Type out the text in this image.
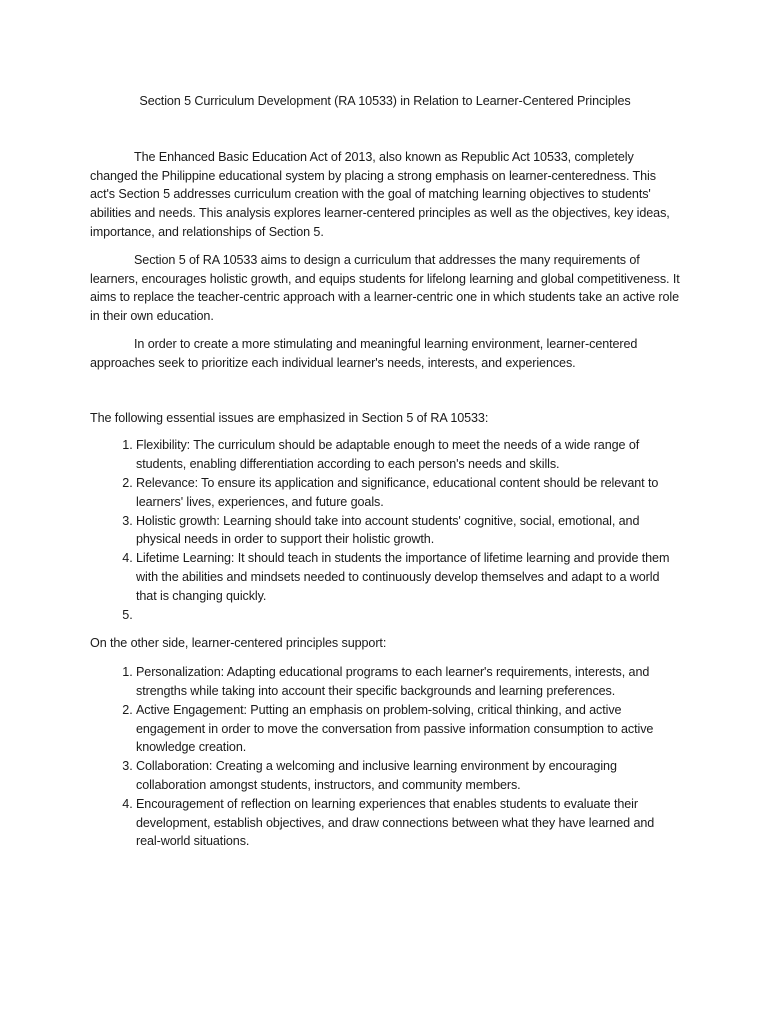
Section 5 Curriculum Development (RA 10533) in Relation to Learner-Centered Principles

The Enhanced Basic Education Act of 2013, also known as Republic Act 10533, completely changed the Philippine educational system by placing a strong emphasis on learner-centeredness. This act's Section 5 addresses curriculum creation with the goal of matching learning objectives to students' abilities and needs. This analysis explores learner-centered principles as well as the objectives, key ideas, importance, and relationships of Section 5.

Section 5 of RA 10533 aims to design a curriculum that addresses the many requirements of learners, encourages holistic growth, and equips students for lifelong learning and global competitiveness. It aims to replace the teacher-centric approach with a learner-centric one in which students take an active role in their own education.

In order to create a more stimulating and meaningful learning environment, learner-centered approaches seek to prioritize each individual learner's needs, interests, and experiences.

The following essential issues are emphasized in Section 5 of RA 10533:

1. Flexibility: The curriculum should be adaptable enough to meet the needs of a wide range of students, enabling differentiation according to each person's needs and skills.
2. Relevance: To ensure its application and significance, educational content should be relevant to learners' lives, experiences, and future goals.
3. Holistic growth: Learning should take into account students' cognitive, social, emotional, and physical needs in order to support their holistic growth.
4. Lifetime Learning: It should teach in students the importance of lifetime learning and provide them with the abilities and mindsets needed to continuously develop themselves and adapt to a world that is changing quickly.
5.

On the other side, learner-centered principles support:

1. Personalization: Adapting educational programs to each learner's requirements, interests, and strengths while taking into account their specific backgrounds and learning preferences.
2. Active Engagement: Putting an emphasis on problem-solving, critical thinking, and active engagement in order to move the conversation from passive information consumption to active knowledge creation.
3. Collaboration: Creating a welcoming and inclusive learning environment by encouraging collaboration amongst students, instructors, and community members.
4. Encouragement of reflection on learning experiences that enables students to evaluate their development, establish objectives, and draw connections between what they have learned and real-world situations.
